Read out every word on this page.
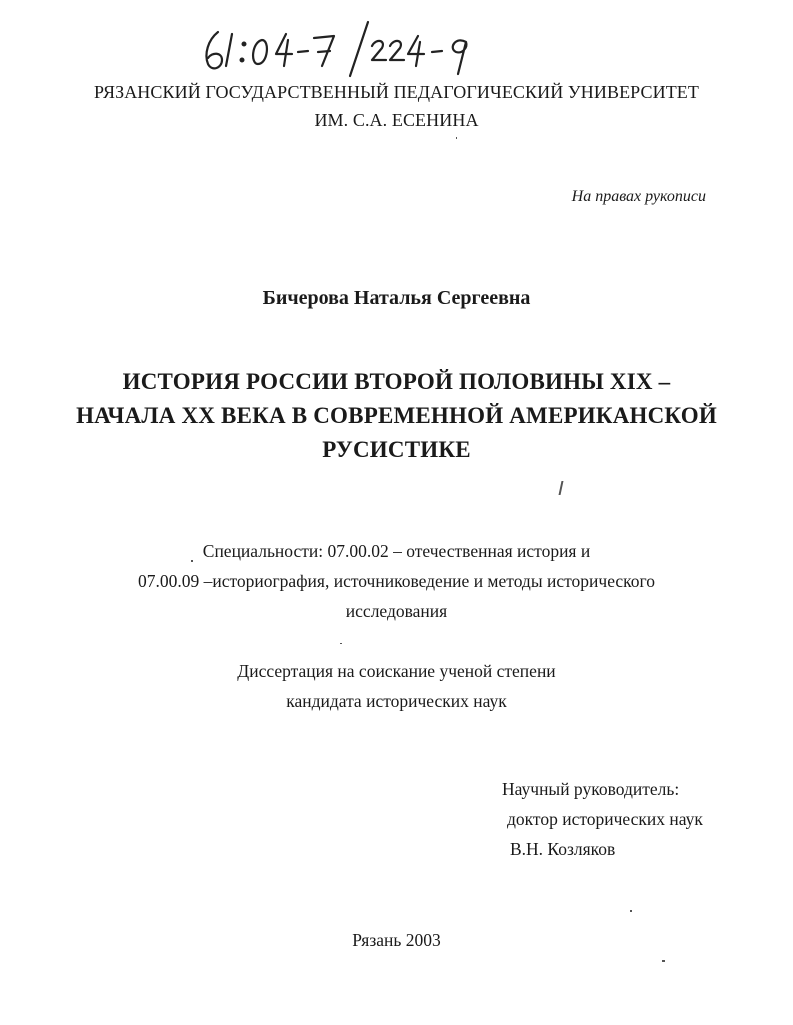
РЯЗАНСКИЙ ГОСУДАРСТВЕННЫЙ ПЕДАГОГИЧЕСКИЙ УНИВЕРСИТЕТ
ИМ. С.А. ЕСЕНИНА
На правах рукописи
Бичерова Наталья Сергеевна
ИСТОРИЯ РОССИИ ВТОРОЙ ПОЛОВИНЫ XIX –
НАЧАЛА XX ВЕКА В СОВРЕМЕННОЙ АМЕРИКАНСКОЙ
РУСИСТИКЕ
Специальности: 07.00.02 – отечественная история и
07.00.09 –историография, источниковедение и методы исторического
исследования
Диссертация на соискание ученой степени
кандидата исторических наук
Научный руководитель:
доктор исторических наук
В.Н. Козляков
Рязань 2003
